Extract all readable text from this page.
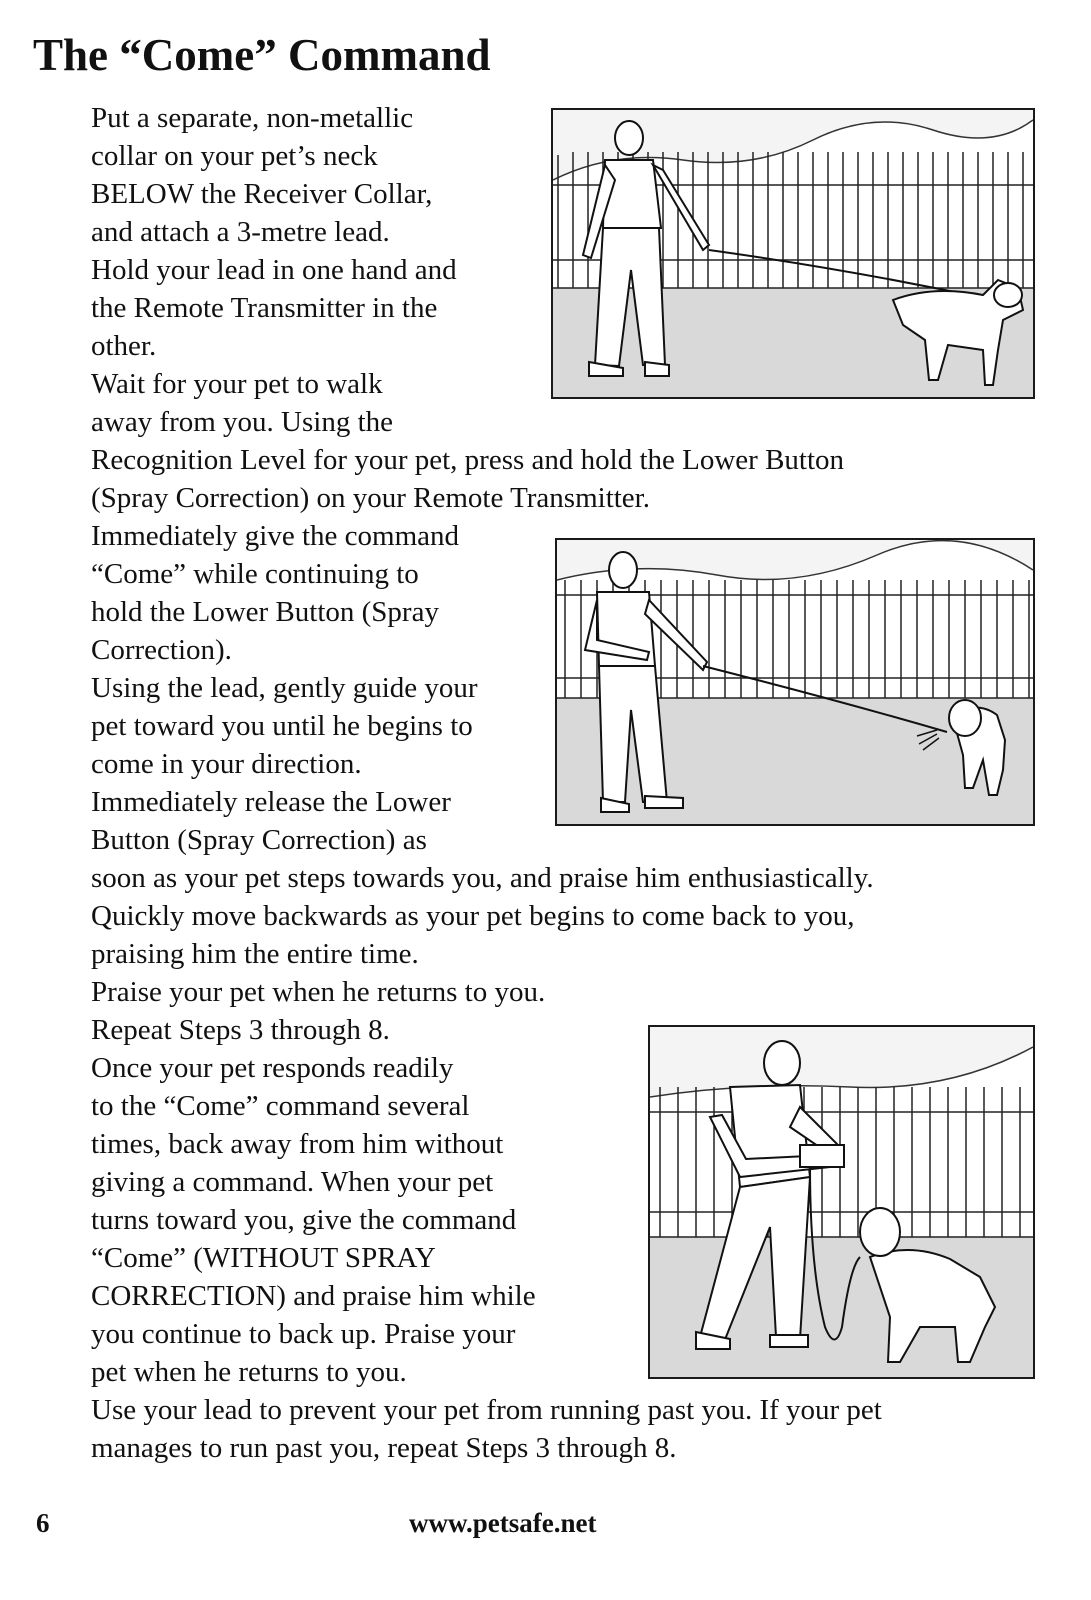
The “Come” Command
Put a separate, non-metallic
collar on your pet’s neck
BELOW the Receiver Collar,
and attach a 3-metre lead.
Hold your lead in one hand and
the Remote Transmitter in the
other.
Wait for your pet to walk
away from you. Using the
Recognition Level for your pet, press and hold the Lower Button
(Spray Correction) on your Remote Transmitter.
Immediately give the command
“Come” while continuing to
hold the Lower Button (Spray
Correction).
Using the lead, gently guide your
pet toward you until he begins to
come in your direction.
Immediately release the Lower
Button (Spray Correction) as
soon as your pet steps towards you, and praise him enthusiastically.
Quickly move backwards as your pet begins to come back to you,
praising him the entire time.
Praise your pet when he returns to you.
Repeat Steps 3 through 8.
Once your pet responds readily
to the “Come” command several
times, back away from him without
giving a command. When your pet
turns toward you, give the command
“Come” (WITHOUT SPRAY
CORRECTION) and praise him while
you continue to back up. Praise your
pet when he returns to you.
Use your lead to prevent your pet from running past you. If your pet
manages to run past you, repeat Steps 3 through 8.
6	www.petsafe.net
